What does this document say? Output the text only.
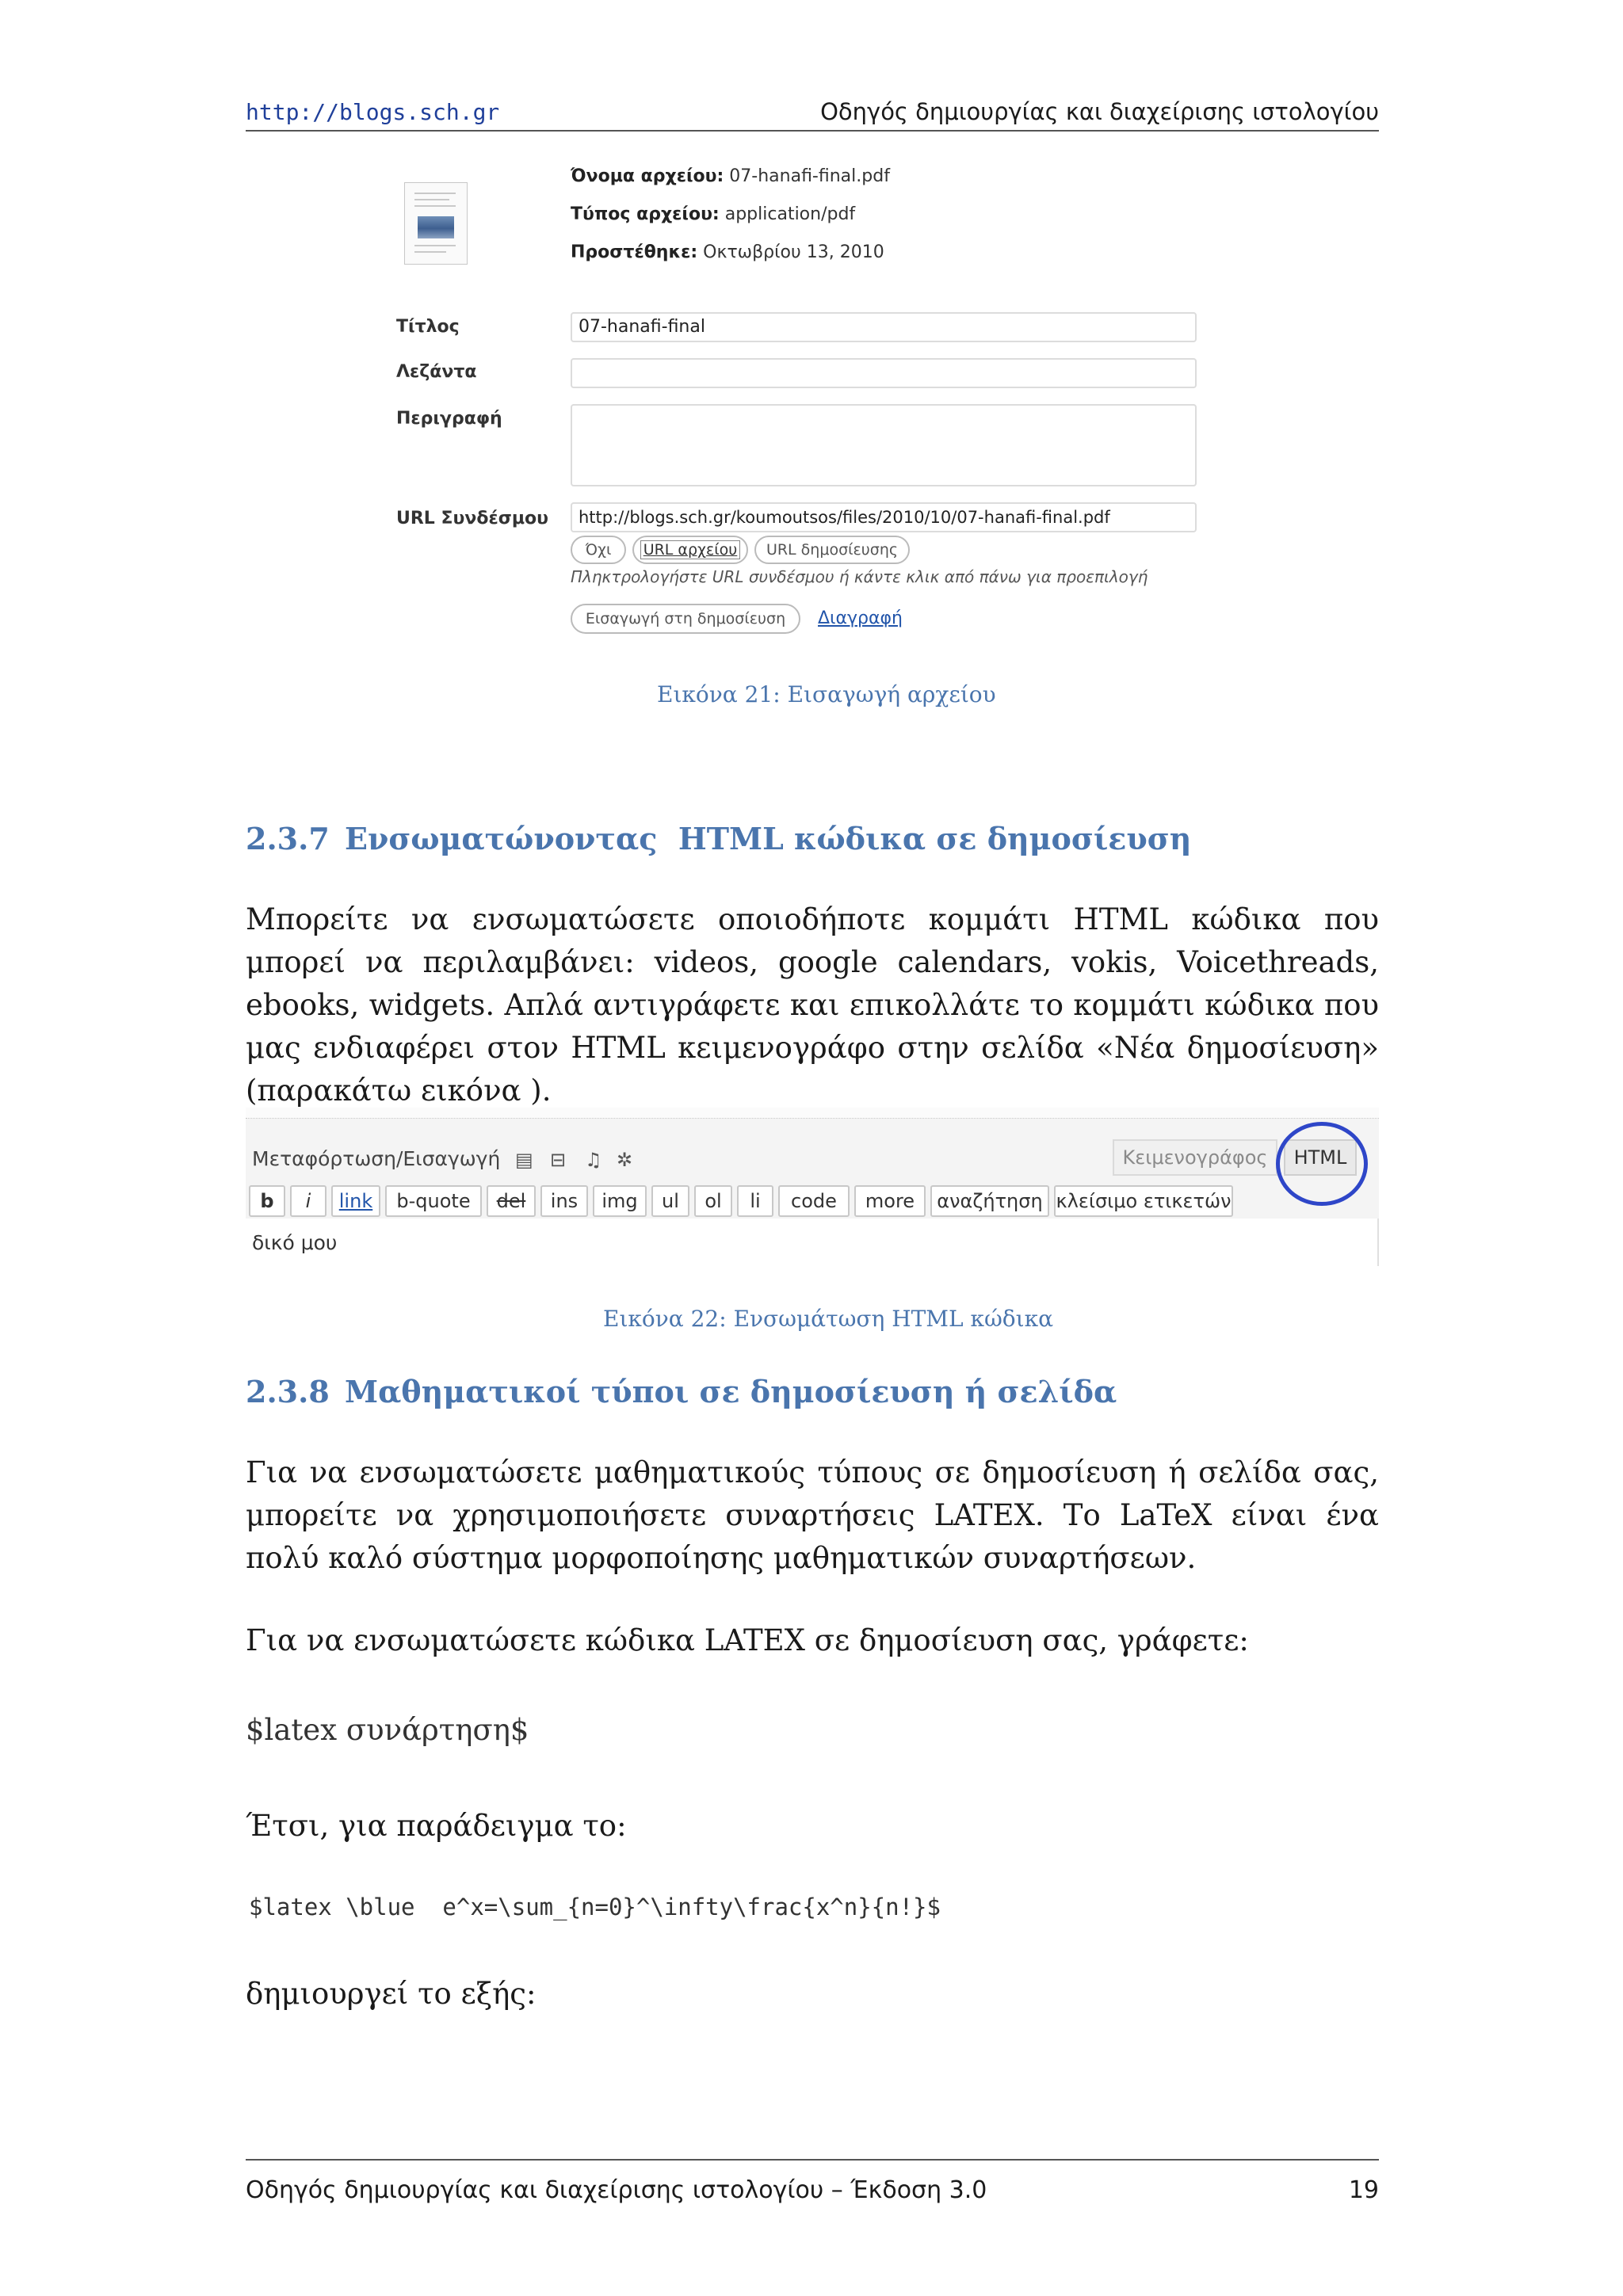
http://blogs.sch.gr	Οδηγός δημιουργίας και διαχείρισης ιστολογίου
Όνομα αρχείου: 07-hanafi-final.pdf
Τύπος αρχείου: application/pdf
Προστέθηκε: Οκτωβρίου 13, 2010
Τίτλος	07-hanafi-final
Λεζάντα
Περιγραφή
URL Συνδέσμου	http://blogs.sch.gr/koumoutsos/files/2010/10/07-hanafi-final.pdf
Όχι	URL αρχείου	URL δημοσίευσης
Πληκτρολογήστε URL συνδέσμου ή κάντε κλικ από πάνω για προεπιλογή
Εισαγωγή στη δημοσίευση	Διαγραφή
Εικόνα 21: Εισαγωγή αρχείου
2.3.7 Ενσωματώνοντας  HTML κώδικα σε δημοσίευση
Μπορείτε να ενσωματώσετε οποιοδήποτε κομμάτι HTML κώδικα που μπορεί να περιλαμβάνει: videos, google calendars, vokis, Voicethreads, ebooks, widgets. Απλά αντιγράφετε και επικολλάτε το κομμάτι κώδικα που μας ενδιαφέρει στον HTML κειμενογράφο στην σελίδα «Νέα δημοσίευση» (παρακάτω εικόνα ).
Μεταφόρτωση/Εισαγωγή ▤ ⊟ ♫ ✲	Κειμενογράφος	HTML
b	i	link	b-quote	del	ins	img	ul	ol	li	code	more	αναζήτηση κλείσιμο ετικετών
δικό μου
Εικόνα 22: Ενσωμάτωση HTML κώδικα
2.3.8 Μαθηματικοί τύποι σε δημοσίευση ή σελίδα
Για να ενσωματώσετε μαθηματικούς τύπους σε δημοσίευση ή σελίδα σας, μπορείτε να χρησιμοποιήσετε συναρτήσεις LATEX. Το LaTeX είναι ένα πολύ καλό σύστημα μορφοποίησης μαθηματικών συναρτήσεων.
Για να ενσωματώσετε κώδικα LATEX σε δημοσίευση σας, γράφετε:
$latex συνάρτηση$
Έτσι, για παράδειγμα το:
$latex \blue  e^x=\sum_{n=0}^\infty\frac{x^n}{n!}$
δημιουργεί το εξής:
Οδηγός δημιουργίας και διαχείρισης ιστολογίου – Έκδοση 3.0	19
